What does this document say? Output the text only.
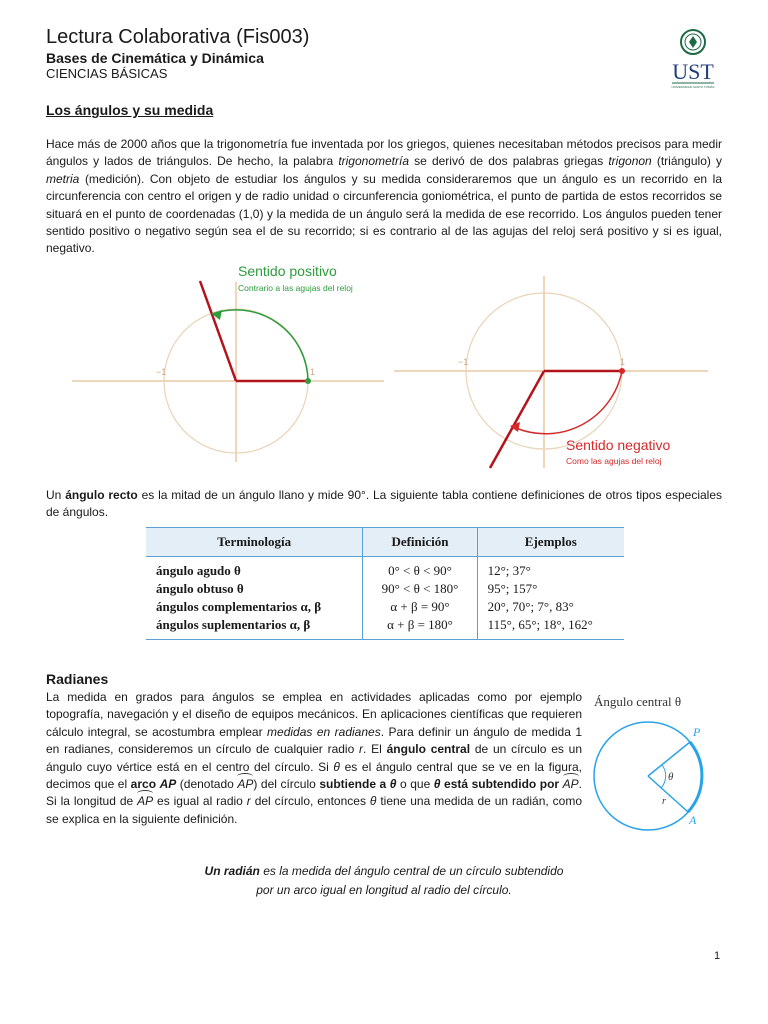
Lectura Colaborativa (Fis003)
Bases de Cinemática y Dinámica
CIENCIAS BÁSICAS	UST
UNIVERSIDAD SANTO TOMÁS
Los ángulos y su medida

Hace más de 2000 años que la trigonometría fue inventada por los griegos, quienes necesitaban métodos precisos para medir ángulos y lados de triángulos. De hecho, la palabra trigonometría se derivó de dos palabras griegas trigonon (triángulo) y metria (medición). Con objeto de estudiar los ángulos y su medida consideraremos que un ángulo es un recorrido en la circunferencia con centro el origen y de radio unidad o circunferencia goniométrica, el punto de partida de estos recorridos se situará en el punto de coordenadas (1,0) y la medida de un ángulo será la medida de ese recorrido. Los ángulos pueden tener sentido positivo o negativo según sea el de su recorrido; si es contrario al de las agujas del reloj será positivo y si es igual, negativo.

−1	1
Sentido positivo
Contrario a las agujas del reloj
−1	1
Sentido negativo
Como las agujas del reloj

Un ángulo recto es la mitad de un ángulo llano y mide 90°. La siguiente tabla contiene definiciones de otros tipos especiales de ángulos.

Terminología	Definición	Ejemplos
ángulo agudo θ	0° < θ < 90°	12°; 37°
ángulo obtuso θ	90° < θ < 180°	95°; 157°
ángulos complementarios α, β	α + β = 90°	20°, 70°; 7°, 83°
ángulos suplementarios α, β	α + β = 180°	115°, 65°; 18°, 162°
Radianes

La medida en grados para ángulos se emplea en actividades aplicadas como por ejemplo topografía, navegación y el diseño de equipos mecánicos. En aplicaciones científicas que requieren cálculo integral, se acostumbra emplear medidas en radianes. Para definir un ángulo de medida 1 en radianes, consideremos un círculo de cualquier radio r. El ángulo central de un círculo es un ángulo cuyo vértice está en el centro del círculo. Si θ es el ángulo central que se ve en la figura, decimos que el arco AP (denotado AP) del círculo subtiende a θ o que θ está subtendido por AP. Si la longitud de AP es igual al radio r del círculo, entonces θ tiene una medida de un radián, como se explica en la siguiente definición.

Ángulo central θ
θ
P
A
r
Un radián es la medida del ángulo central de un círculo subtendido
por un arco igual en longitud al radio del círculo.
1
